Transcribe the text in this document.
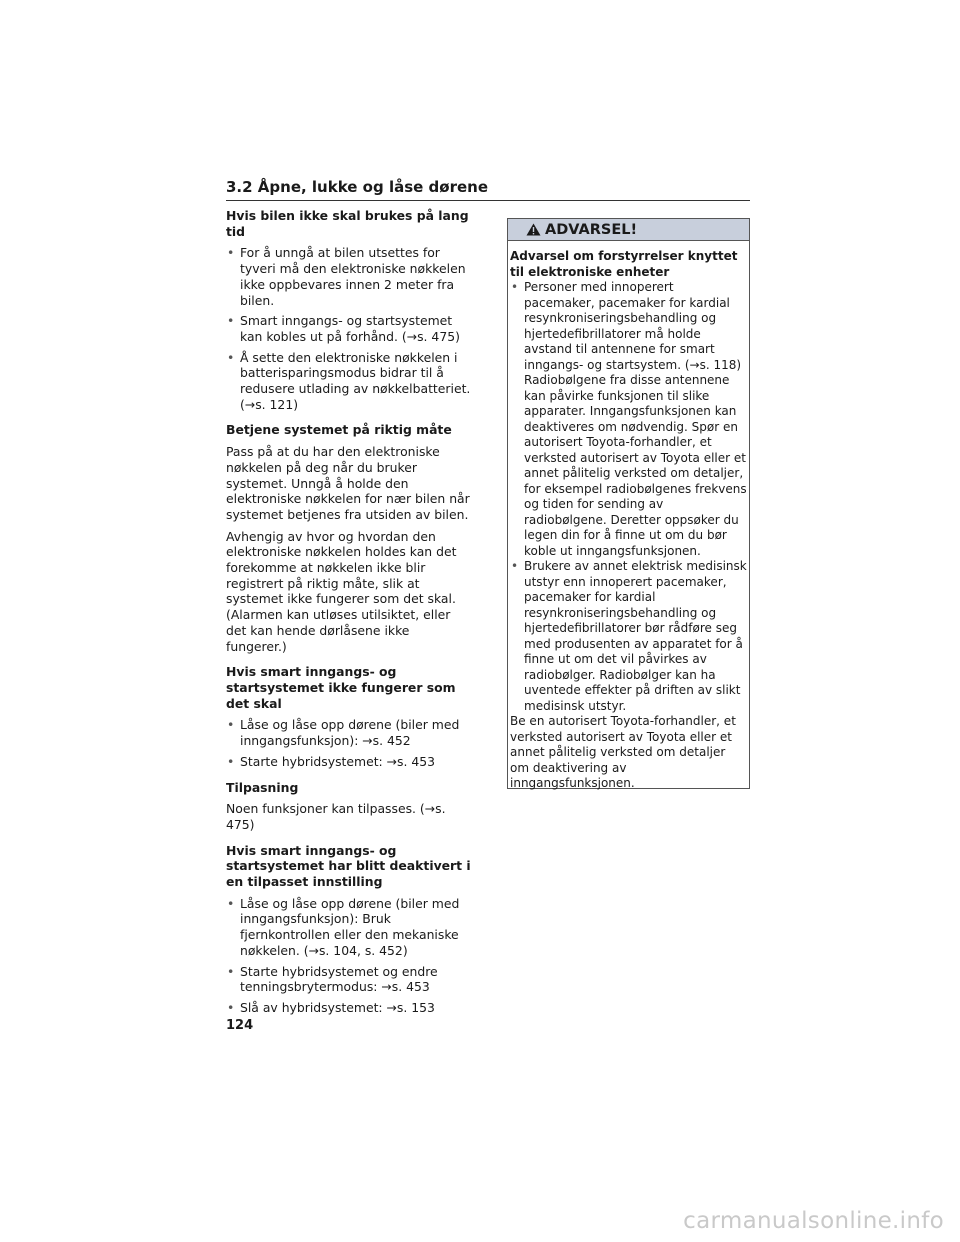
3.2 Åpne, lukke og låse dørene
Hvis bilen ikke skal brukes på lang tid
• For å unngå at bilen utsettes for tyveri må den elektroniske nøkkelen ikke oppbevares innen 2 meter fra bilen.
• Smart inngangs- og startsystemet kan kobles ut på forhånd. (→s. 475)
• Å sette den elektroniske nøkkelen i batterisparingsmodus bidrar til å redusere utlading av nøkkelbatteriet. (→s. 121)
Betjene systemet på riktig måte

Pass på at du har den elektroniske nøkkelen på deg når du bruker systemet. Unngå å holde den elektroniske nøkkelen for nær bilen når systemet betjenes fra utsiden av bilen.

Avhengig av hvor og hvordan den elektroniske nøkkelen holdes kan det forekomme at nøkkelen ikke blir registrert på riktig måte, slik at systemet ikke fungerer som det skal. (Alarmen kan utløses utilsiktet, eller det kan hende dørlåsene ikke fungerer.)

Hvis smart inngangs- og startsystemet ikke fungerer som det skal
• Låse og låse opp dørene (biler med inngangsfunksjon): →s. 452
• Starte hybridsystemet: →s. 453
Tilpasning

Noen funksjoner kan tilpasses. (→s. 475)

Hvis smart inngangs- og startsystemet har blitt deaktivert i en tilpasset innstilling
• Låse og låse opp dørene (biler med inngangsfunksjon): Bruk fjernkontrollen eller den mekaniske nøkkelen. (→s. 104, s. 452)
• Starte hybridsystemet og endre tenningsbrytermodus: →s. 453
• Slå av hybridsystemet: →s. 153
ADVARSEL!
Advarsel om forstyrrelser knyttet til elektroniske enheter
• Personer med innoperert pacemaker, pacemaker for kardial resynkroniseringsbehandling og hjertedefibrillatorer må holde avstand til antennene for smart inngangs- og startsystem. (→s. 118) Radiobølgene fra disse antennene kan påvirke funksjonen til slike apparater. Inngangsfunksjonen kan deaktiveres om nødvendig. Spør en autorisert Toyota-forhandler, et verksted autorisert av Toyota eller et annet pålitelig verksted om detaljer, for eksempel radiobølgenes frekvens og tiden for sending av radiobølgene. Deretter oppsøker du legen din for å finne ut om du bør koble ut inngangsfunksjonen.
• Brukere av annet elektrisk medisinsk utstyr enn innoperert pacemaker, pacemaker for kardial resynkroniseringsbehandling og hjertedefibrillatorer bør rådføre seg med produsenten av apparatet for å finne ut om det vil påvirkes av radiobølger. Radiobølger kan ha uventede effekter på driften av slikt medisinsk utstyr.

Be en autorisert Toyota-forhandler, et verksted autorisert av Toyota eller et annet pålitelig verksted om detaljer om deaktivering av inngangsfunksjonen.

124
carmanualsonline.info
